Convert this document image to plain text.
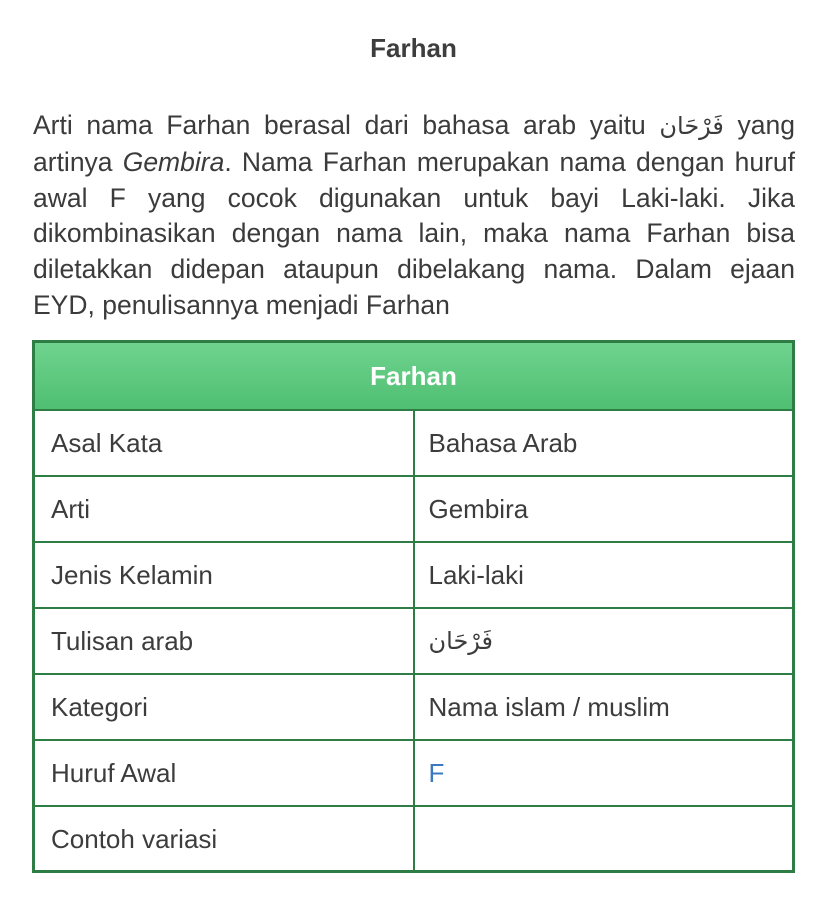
Farhan
Arti nama Farhan berasal dari bahasa arab yaitu فَرْحَان yang artinya Gembira. Nama Farhan merupakan nama dengan huruf awal F yang cocok digunakan untuk bayi Laki-laki. Jika dikombinasikan dengan nama lain, maka nama Farhan bisa diletakkan didepan ataupun dibelakang nama. Dalam ejaan EYD, penulisannya menjadi Farhan
Farhan	
Asal Kata	Bahasa Arab
Arti	Gembira
Jenis Kelamin	Laki-laki
Tulisan arab	فَرْحَان
Kategori	Nama islam / muslim
Huruf Awal	F
Contoh variasi	
